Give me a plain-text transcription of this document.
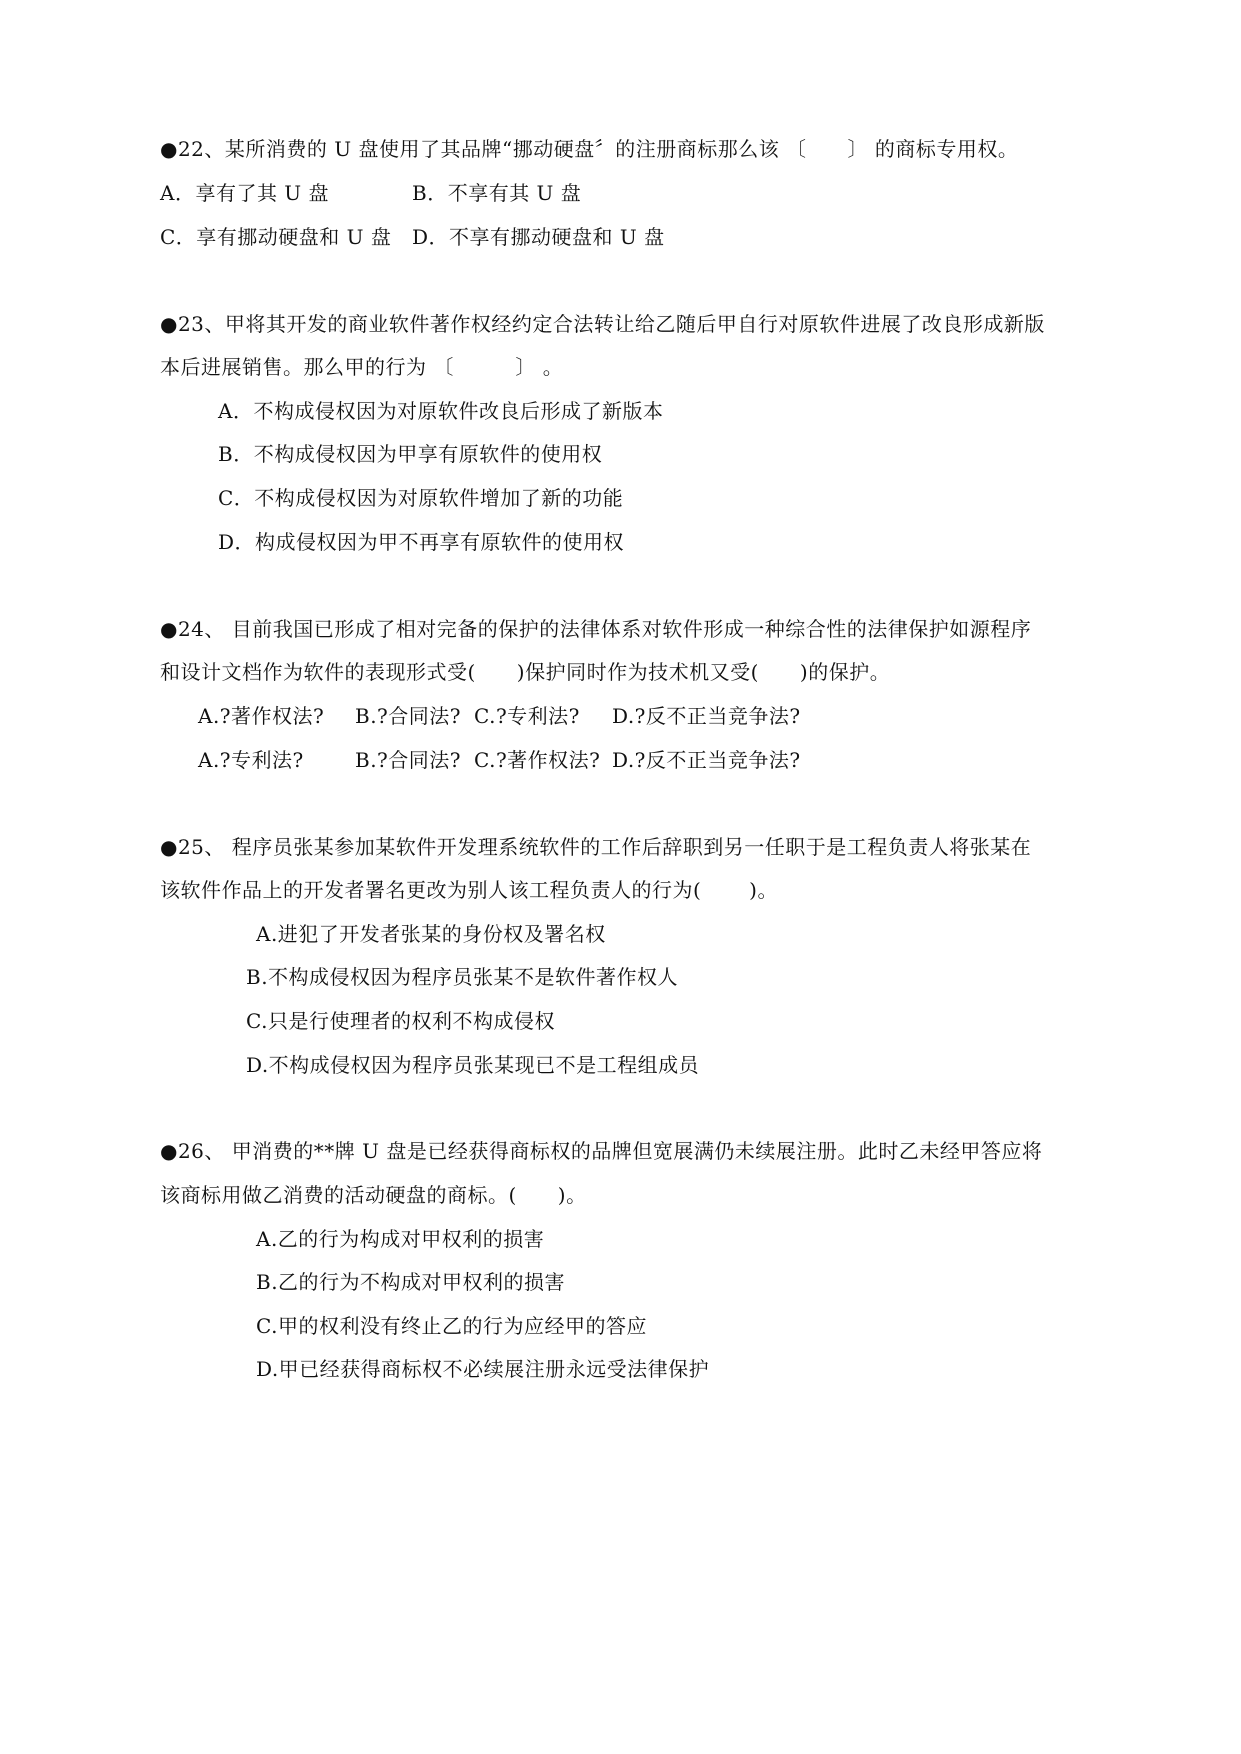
●22、某所消费的 U 盘使用了其品牌“挪动硬盘〞的注册商标那么该 〔　　〕 的商标专用权。
A．享有了其 U 盘	B．不享有其 U 盘
C．享有挪动硬盘和 U 盘 D．不享有挪动硬盘和 U 盘
●23、甲将其开发的商业软件著作权经约定合法转让给乙随后甲自行对原软件进展了改良形成新版
本后进展销售。那么甲的行为 〔　　　〕 。
A．不构成侵权因为对原软件改良后形成了新版本
B．不构成侵权因为甲享有原软件的使用权
C．不构成侵权因为对原软件增加了新的功能
D．构成侵权因为甲不再享有原软件的使用权
●24、 目前我国已形成了相对完备的保护的法律体系对软件形成一种综合性的法律保护如源程序
和设计文档作为软件的表现形式受(　　)保护同时作为技术机又受(　　)的保护。
A.?著作权法? B.?合同法? C.?专利法? D.?反不正当竞争法?
A.?专利法?	B.?合同法? C.?著作权法? D.?反不正当竞争法?
●25、 程序员张某参加某软件开发理系统软件的工作后辞职到另一任职于是工程负责人将张某在
该软件作品上的开发者署名更改为别人该工程负责人的行为(　　 )。
A.进犯了开发者张某的身份权及署名权
B.不构成侵权因为程序员张某不是软件著作权人
C.只是行使理者的权利不构成侵权
D.不构成侵权因为程序员张某现已不是工程组成员
●26、 甲消费的**牌 U 盘是已经获得商标权的品牌但宽展满仍未续展注册。此时乙未经甲答应将
该商标用做乙消费的活动硬盘的商标。(　　)。
A.乙的行为构成对甲权利的损害
B.乙的行为不构成对甲权利的损害
C.甲的权利没有终止乙的行为应经甲的答应
D.甲已经获得商标权不必续展注册永远受法律保护
